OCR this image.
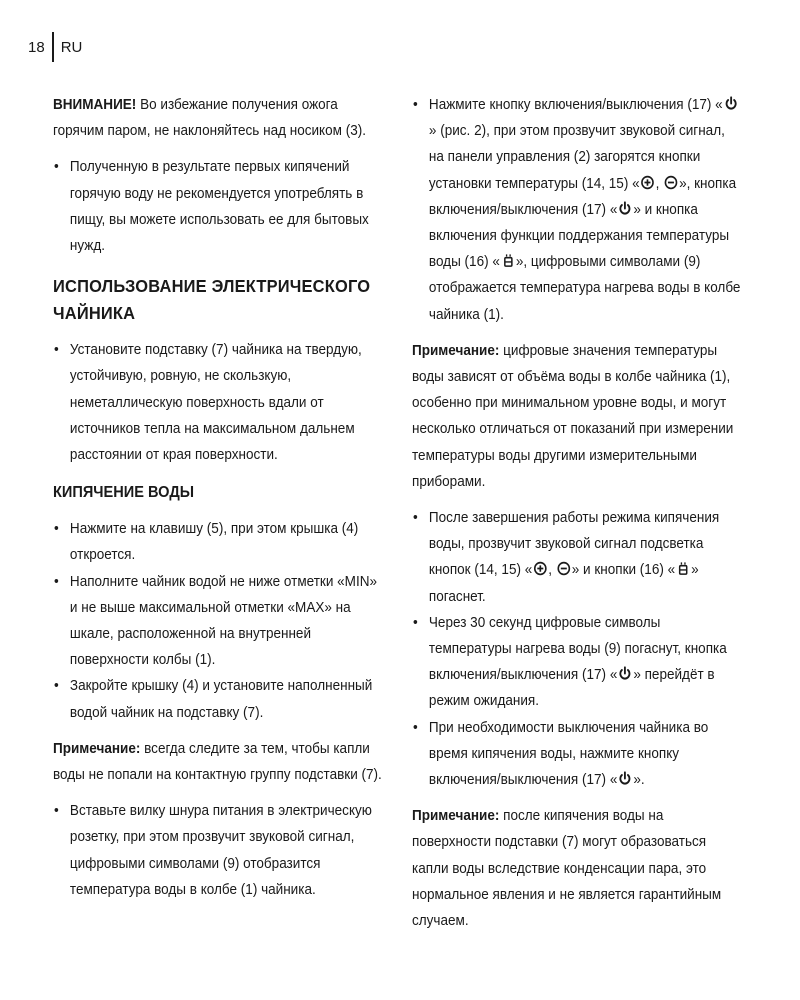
18	RU

ВНИМАНИЕ! Во избежание получения ожога горячим паром, не наклоняйтесь над носиком (3).

• Полученную в результате первых кипячений горячую воду не рекомендуется употреблять в пищу, вы можете использовать ее для бытовых нужд.
ИСПОЛЬЗОВАНИЕ ЭЛЕКТРИЧЕСКОГО ЧАЙНИКА
• Установите подставку (7) чайника на твердую, устойчивую, ровную, не скользкую, неметаллическую поверхность вдали от источников тепла на максимальном дальнем расстоянии от края поверхности.
КИПЯЧЕНИЕ ВОДЫ
• Нажмите на клавишу (5), при этом крышка (4) откроется.
• Наполните чайник водой не ниже отметки «MIN» и не выше максимальной отметки «MAX» на шкале, расположенной на внутренней поверхности колбы (1).
• Закройте крышку (4) и установите наполненный водой чайник на подставку (7).

Примечание: всегда следите за тем, чтобы капли воды не попали на контактную группу подставки (7).

• Вставьте вилку шнура питания в электрическую розетку, при этом прозвучит звуковой сигнал, цифровыми символами (9) отобразится температура воды в колбе (1) чайника.
• Нажмите кнопку включения/выключения (17) «
» (рис. 2), при этом прозвучит звуковой сигнал, на панели управления (2) загорятся кнопки установки температуры (14, 15) « ,
», кнопка включения/выключения (17) « » и кнопка включения функции поддержания температуры воды (16) « », цифровыми символами (9) отображается температура нагрева воды в колбе чайника (1).

Примечание: цифровые значения температуры воды зависят от объёма воды в колбе чайника (1), особенно при минимальном уровне воды, и могут несколько отличаться от показаний при измерении температуры воды другими измерительными приборами.

• После завершения работы режима кипячения воды, прозвучит звуковой сигнал подсветка кнопок (14, 15) « ,
» и кнопки (16) « » погаснет.
• Через 30 секунд цифровые символы температуры нагрева воды (9) погаснут, кнопка включения/выключения (17) « » перейдёт в режим ожидания.
• При необходимости выключения чайника во время кипячения воды, нажмите кнопку включения/выключения (17) « ».

Примечание: после кипячения воды на поверхности подставки (7) могут образоваться капли воды вследствие конденсации пара, это нормальное явления и не является гарантийным случаем.
